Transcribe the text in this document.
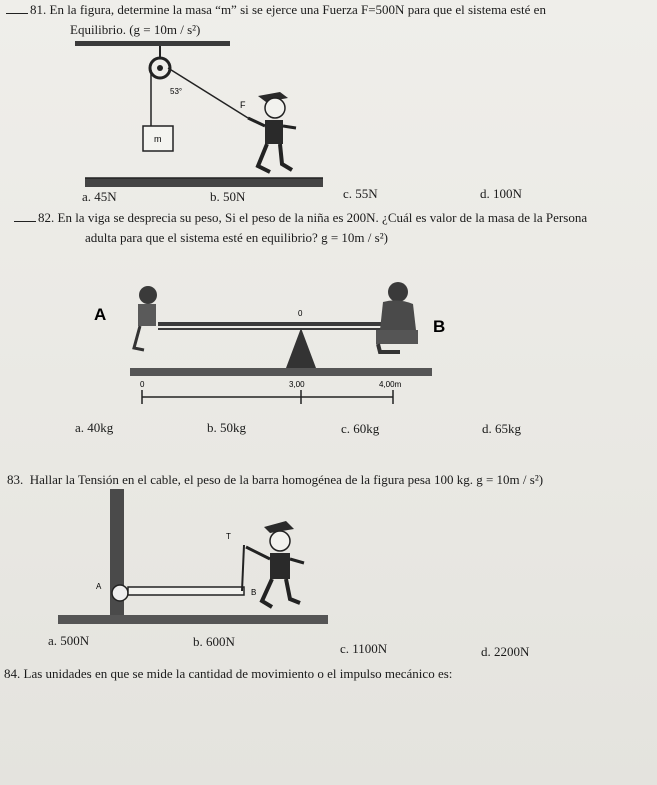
81. En la figura, determine la masa “m” si se ejerce una Fuerza F=500N para que el sistema esté en
Equilibrio. (g = 10m / s²)
53°
m
F
a. 45N	b. 50N	c. 55N	d. 100N
82. En la viga se desprecia su peso, Si el peso de la niña es 200N. ¿Cuál es valor de la masa de la Persona
adulta para que el sistema esté en equilibrio? g = 10m / s²)
A
B
0
0	3,00	4,00m
a. 40kg	b. 50kg	c. 60kg	d. 65kg
83. Hallar la Tensión en el cable, el peso de la barra homogénea de la figura pesa 100 kg. g = 10m / s²)
A
T
B
a. 500N	b. 600N	c. 1100N	d. 2200N
84. Las unidades en que se mide la cantidad de movimiento o el impulso mecánico es:
